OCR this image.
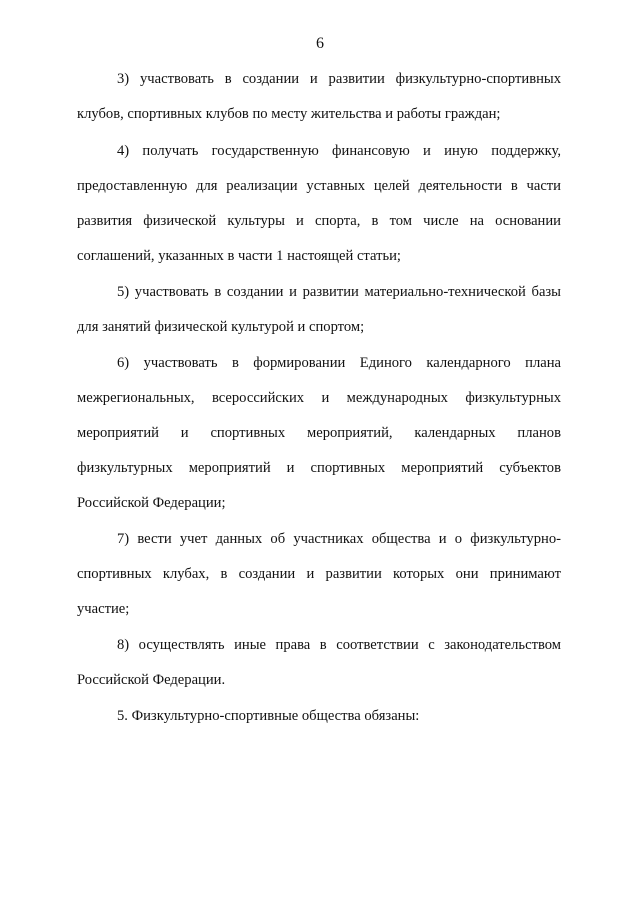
6
3) участвовать в создании и развитии физкультурно-спортивных
клубов, спортивных клубов по месту жительства и работы граждан;
4) получать государственную финансовую и иную поддержку,
предоставленную для реализации уставных целей деятельности в части
развития физической культуры и спорта, в том числе на основании
соглашений, указанных в части 1 настоящей статьи;
5) участвовать в создании и развитии материально-технической базы
для занятий физической культурой и спортом;
6) участвовать в формировании Единого календарного плана
межрегиональных, всероссийских и международных физкультурных
мероприятий и спортивных мероприятий, календарных планов
физкультурных мероприятий и спортивных мероприятий субъектов
Российской Федерации;
7) вести учет данных об участниках общества и о физкультурно-
спортивных клубах, в создании и развитии которых они принимают
участие;
8) осуществлять иные права в соответствии с законодательством
Российской Федерации.
5. Физкультурно-спортивные общества обязаны:
